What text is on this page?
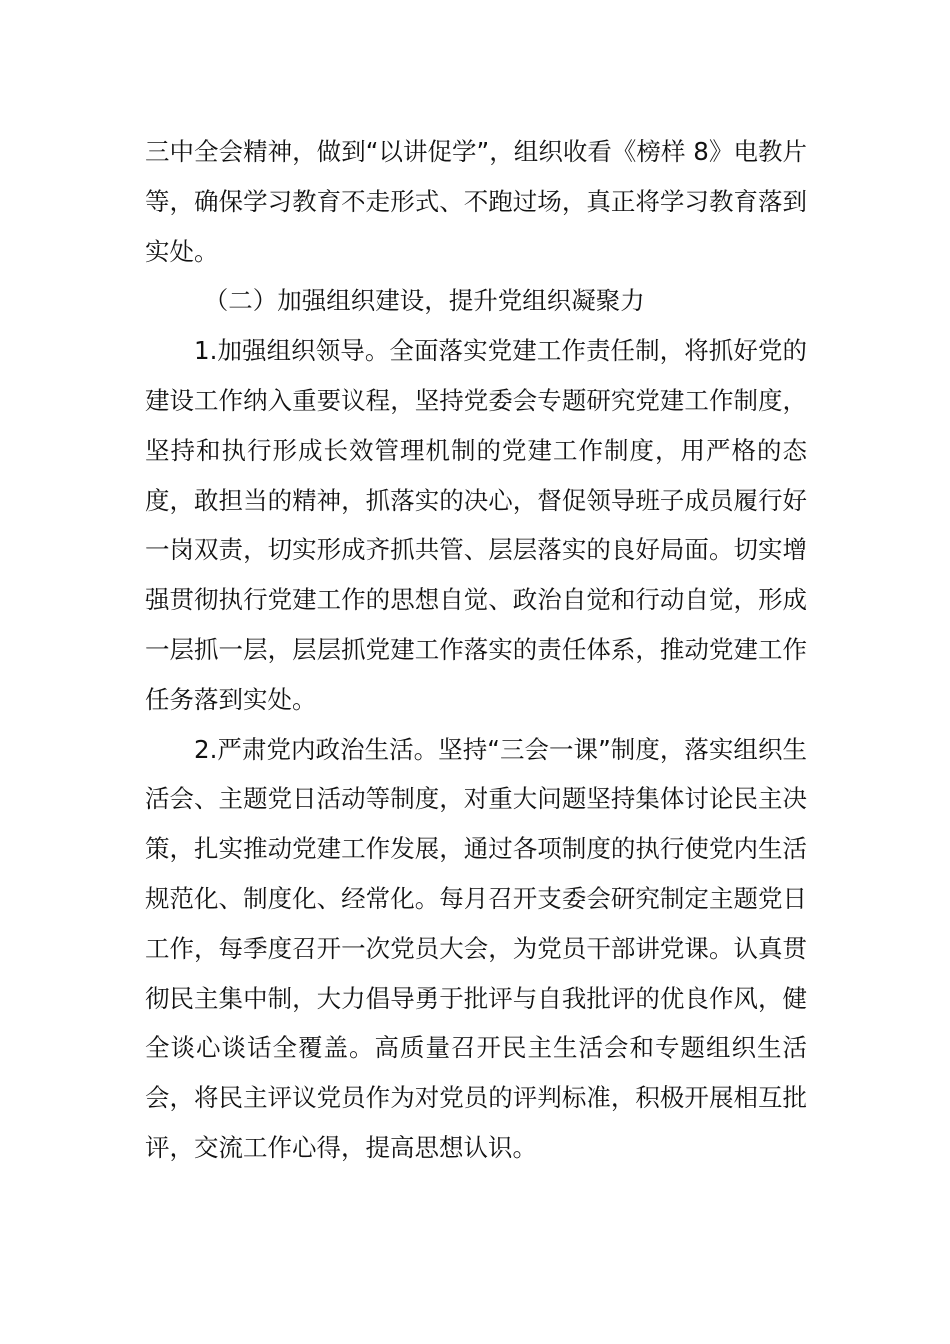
三中全会精神，做到“以讲促学”，组织收看《榜样 8》电教片等，确保学习教育不走形式、不跑过场，真正将学习教育落到实处。

（二）加强组织建设，提升党组织凝聚力

1.加强组织领导。全面落实党建工作责任制，将抓好党的建设工作纳入重要议程，坚持党委会专题研究党建工作制度，坚持和执行形成长效管理机制的党建工作制度，用严格的态度，敢担当的精神，抓落实的决心，督促领导班子成员履行好一岗双责，切实形成齐抓共管、层层落实的良好局面。切实增强贯彻执行党建工作的思想自觉、政治自觉和行动自觉，形成一层抓一层，层层抓党建工作落实的责任体系，推动党建工作任务落到实处。

2.严肃党内政治生活。坚持“三会一课”制度，落实组织生活会、主题党日活动等制度，对重大问题坚持集体讨论民主决策，扎实推动党建工作发展，通过各项制度的执行使党内生活规范化、制度化、经常化。每月召开支委会研究制定主题党日工作，每季度召开一次党员大会，为党员干部讲党课。认真贯彻民主集中制，大力倡导勇于批评与自我批评的优良作风，健全谈心谈话全覆盖。高质量召开民主生活会和专题组织生活会，将民主评议党员作为对党员的评判标准，积极开展相互批评，交流工作心得，提高思想认识。
